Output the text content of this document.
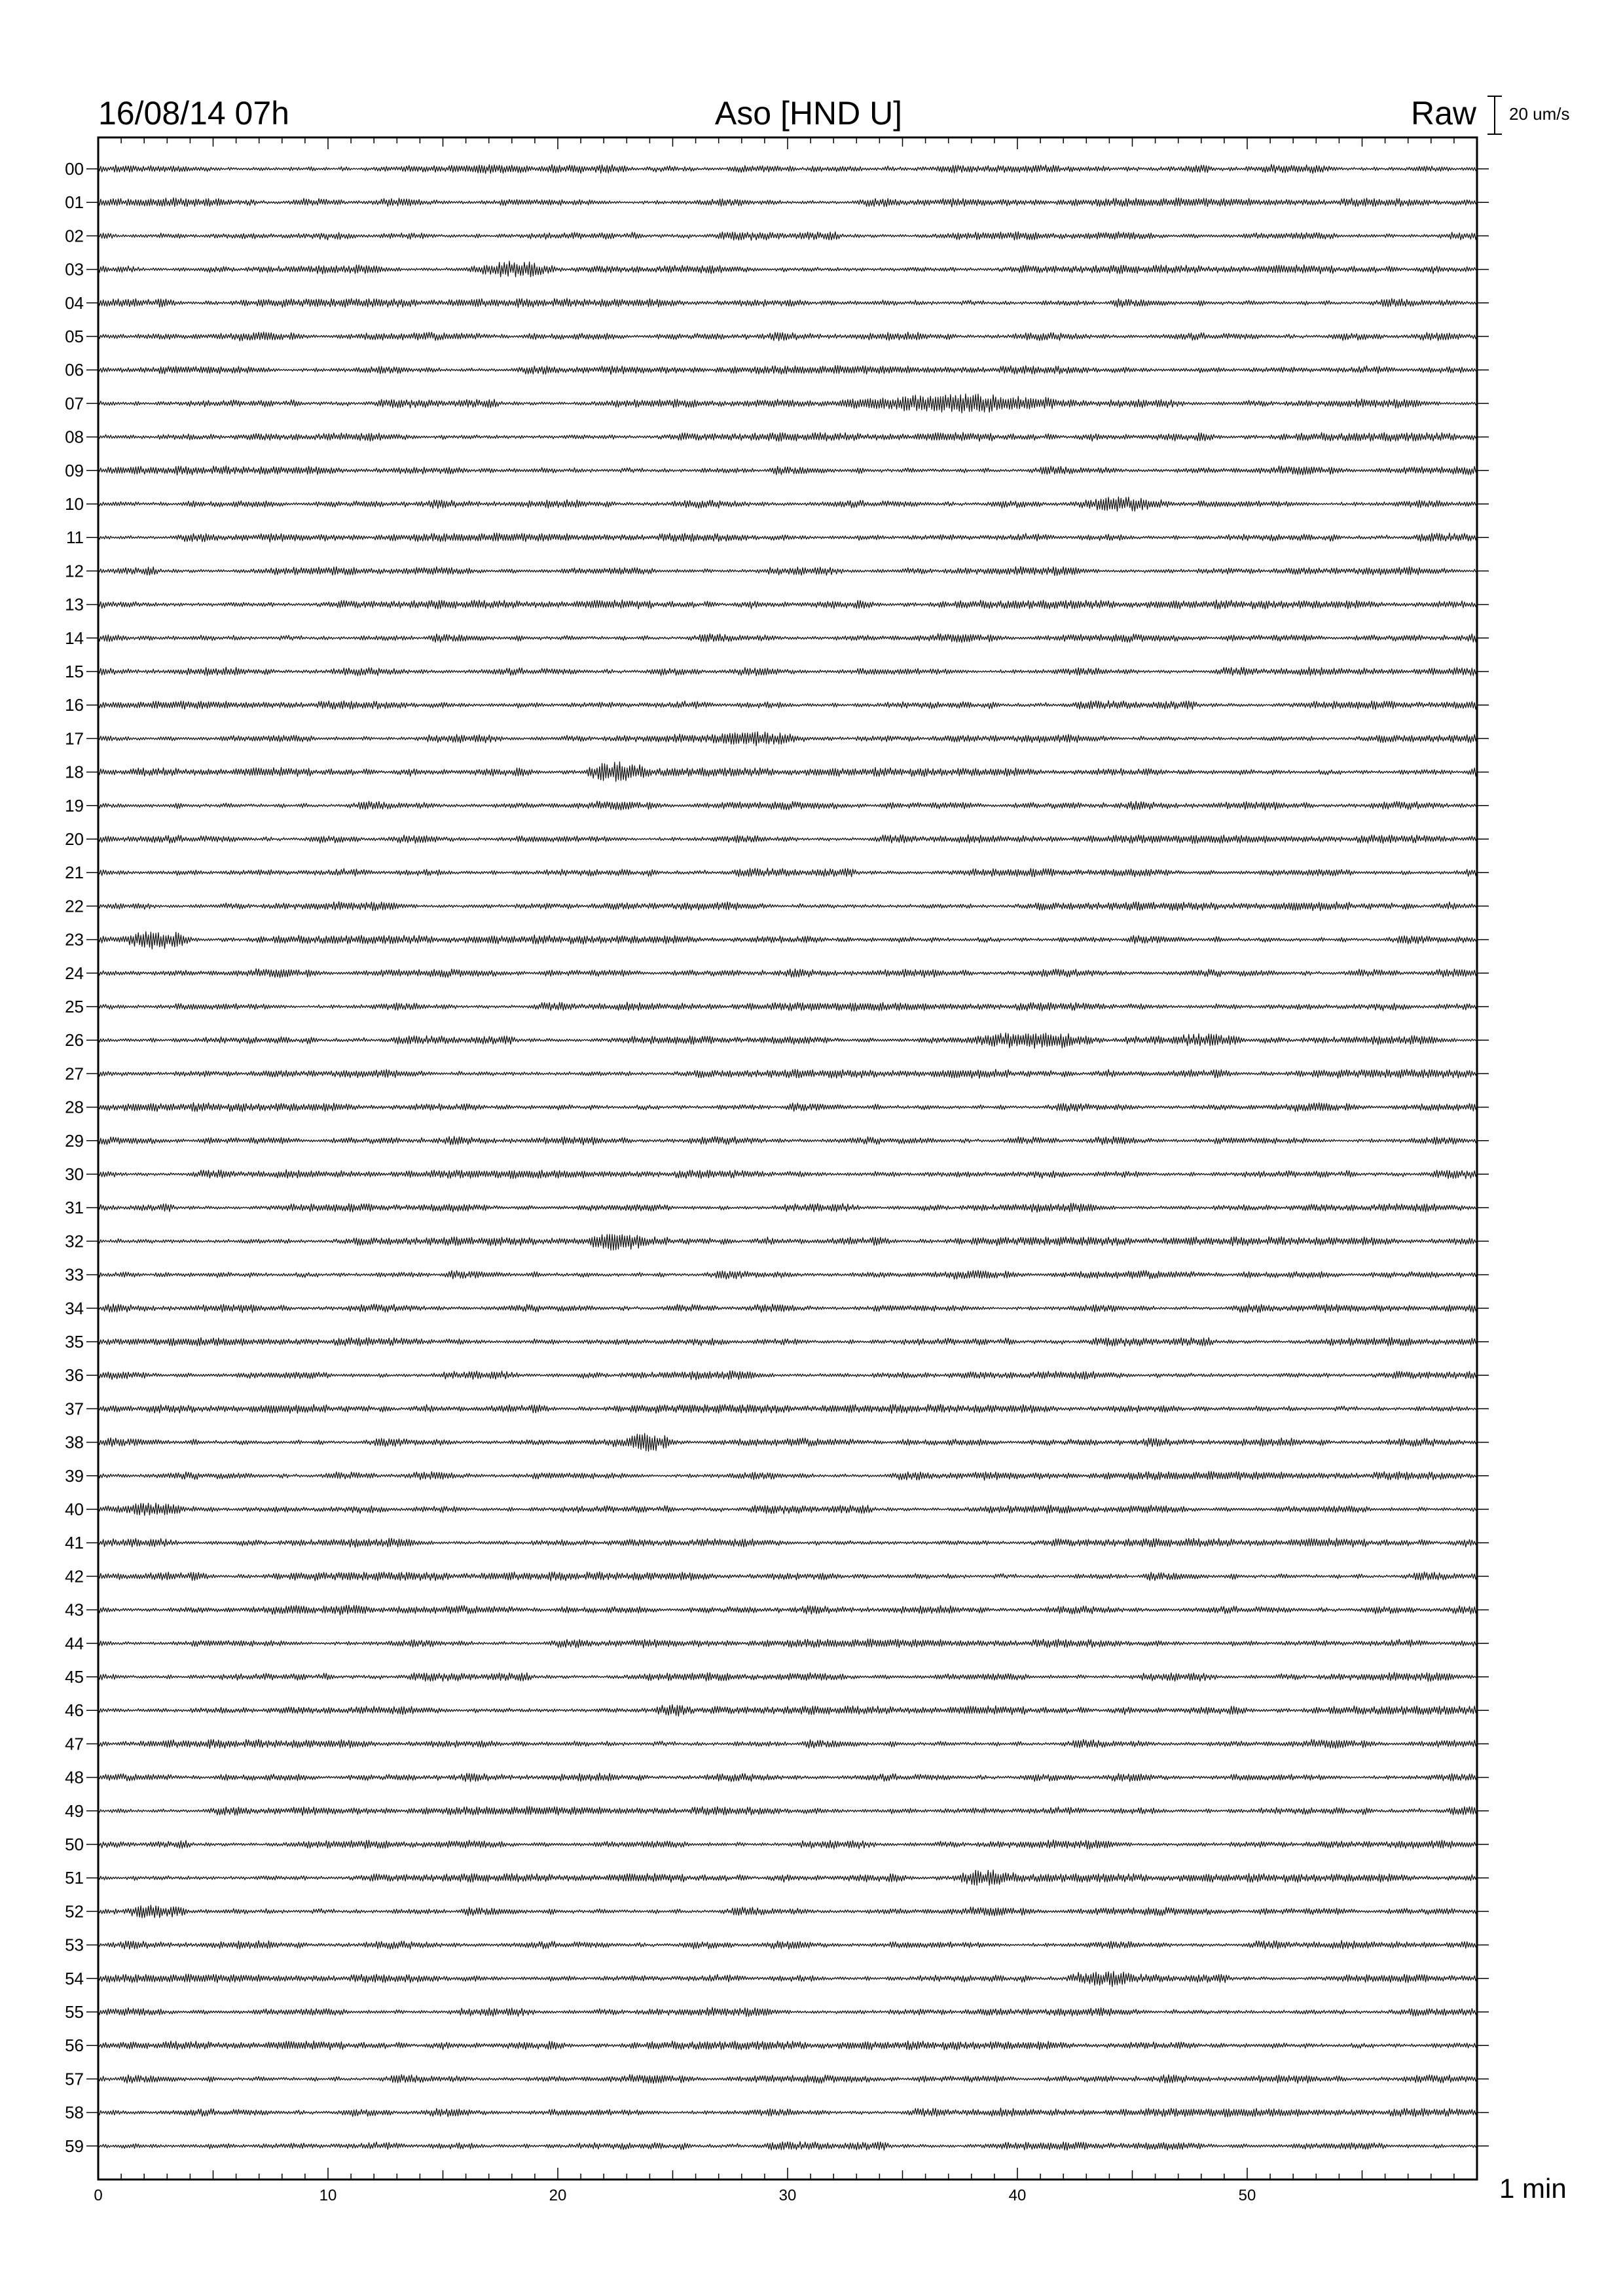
16/08/14 07h	Aso [HND U]	Raw 20 um/s
00
01
02
03
04
05
06
07
08
09
10
11
12
13
14
15
16
17
18
19
20
21
22
23
24
25
26
27
28
29
30
31
32
33
34
35
36
37
38
39
40
41
42
43
44
45
46
47
48
49
50
51
52
53
54
55
56
57
58
59
0	10	20	30	40	50	1 min
